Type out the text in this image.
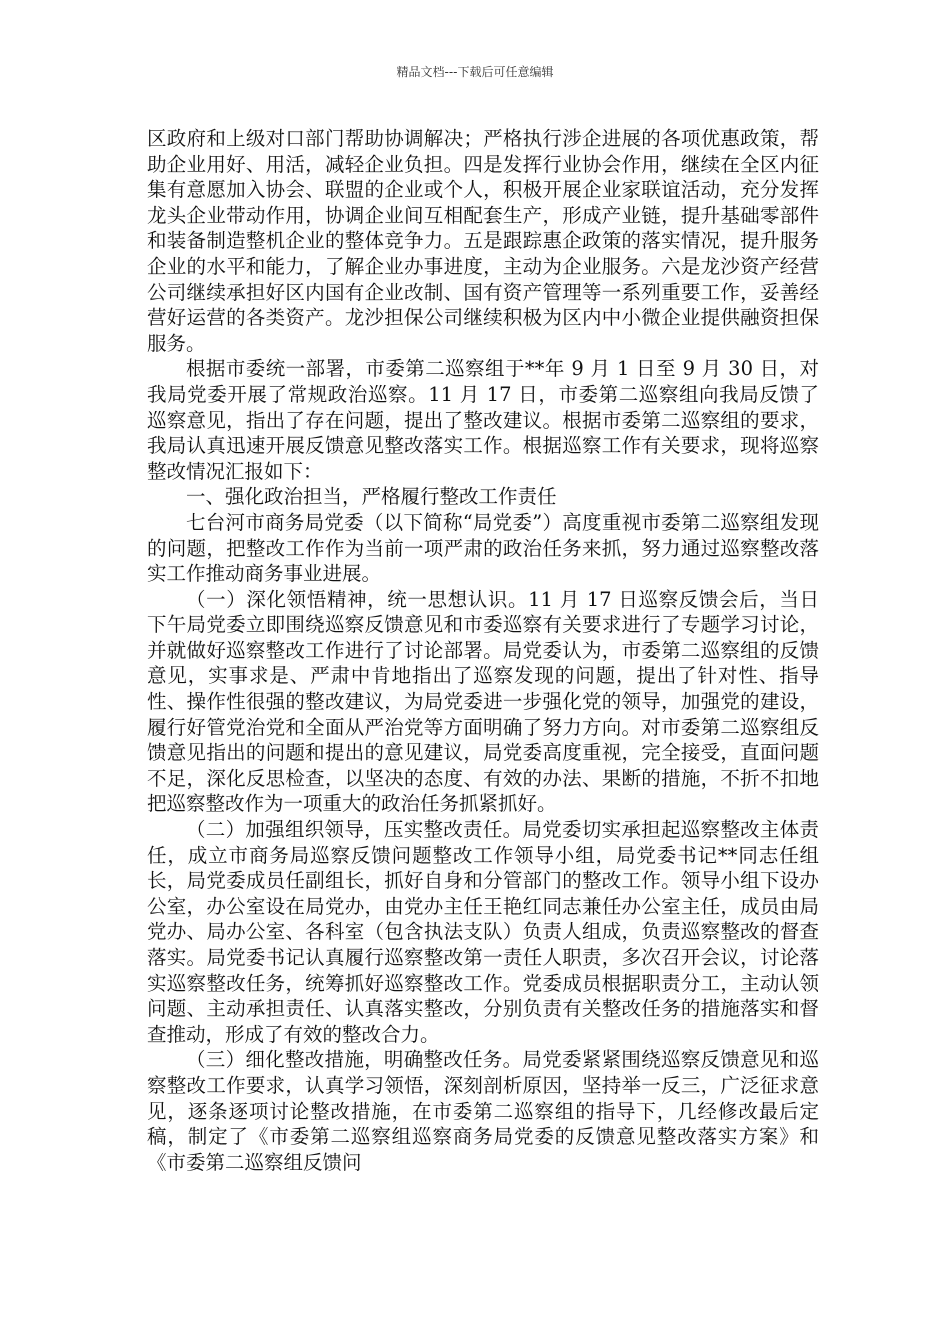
精品文档---下载后可任意编辑

区政府和上级对口部门帮助协调解决；严格执行涉企进展的各项优惠政策，帮助企业用好、用活，减轻企业负担。四是发挥行业协会作用，继续在全区内征集有意愿加入协会、联盟的企业或个人，积极开展企业家联谊活动，充分发挥龙头企业带动作用，协调企业间互相配套生产，形成产业链，提升基础零部件和装备制造整机企业的整体竞争力。五是跟踪惠企政策的落实情况，提升服务企业的水平和能力，了解企业办事进度，主动为企业服务。六是龙沙资产经营公司继续承担好区内国有企业改制、国有资产管理等一系列重要工作，妥善经营好运营的各类资产。龙沙担保公司继续积极为区内中小微企业提供融资担保服务。

根据市委统一部署，市委第二巡察组于**年 9 月 1 日至 9 月 30 日，对我局党委开展了常规政治巡察。11 月 17 日，市委第二巡察组向我局反馈了巡察意见，指出了存在问题，提出了整改建议。根据市委第二巡察组的要求，我局认真迅速开展反馈意见整改落实工作。根据巡察工作有关要求，现将巡察整改情况汇报如下：

一、强化政治担当，严格履行整改工作责任

七台河市商务局党委（以下简称“局党委”）高度重视市委第二巡察组发现的问题，把整改工作作为当前一项严肃的政治任务来抓，努力通过巡察整改落实工作推动商务事业进展。

（一）深化领悟精神，统一思想认识。11 月 17 日巡察反馈会后，当日下午局党委立即围绕巡察反馈意见和市委巡察有关要求进行了专题学习讨论，并就做好巡察整改工作进行了讨论部署。局党委认为，市委第二巡察组的反馈意见，实事求是、严肃中肯地指出了巡察发现的问题，提出了针对性、指导性、操作性很强的整改建议，为局党委进一步强化党的领导，加强党的建设，履行好管党治党和全面从严治党等方面明确了努力方向。对市委第二巡察组反馈意见指出的问题和提出的意见建议，局党委高度重视，完全接受，直面问题不足，深化反思检查，以坚决的态度、有效的办法、果断的措施，不折不扣地把巡察整改作为一项重大的政治任务抓紧抓好。

（二）加强组织领导，压实整改责任。局党委切实承担起巡察整改主体责任，成立市商务局巡察反馈问题整改工作领导小组，局党委书记**同志任组长，局党委成员任副组长，抓好自身和分管部门的整改工作。领导小组下设办公室，办公室设在局党办，由党办主任王艳红同志兼任办公室主任，成员由局党办、局办公室、各科室（包含执法支队）负责人组成，负责巡察整改的督查落实。局党委书记认真履行巡察整改第一责任人职责，多次召开会议，讨论落实巡察整改任务，统筹抓好巡察整改工作。党委成员根据职责分工，主动认领问题、主动承担责任、认真落实整改，分别负责有关整改任务的措施落实和督查推动，形成了有效的整改合力。

（三）细化整改措施，明确整改任务。局党委紧紧围绕巡察反馈意见和巡察整改工作要求，认真学习领悟，深刻剖析原因，坚持举一反三，广泛征求意见，逐条逐项讨论整改措施，在市委第二巡察组的指导下，几经修改最后定稿，制定了《市委第二巡察组巡察商务局党委的反馈意见整改落实方案》和《市委第二巡察组反馈问
